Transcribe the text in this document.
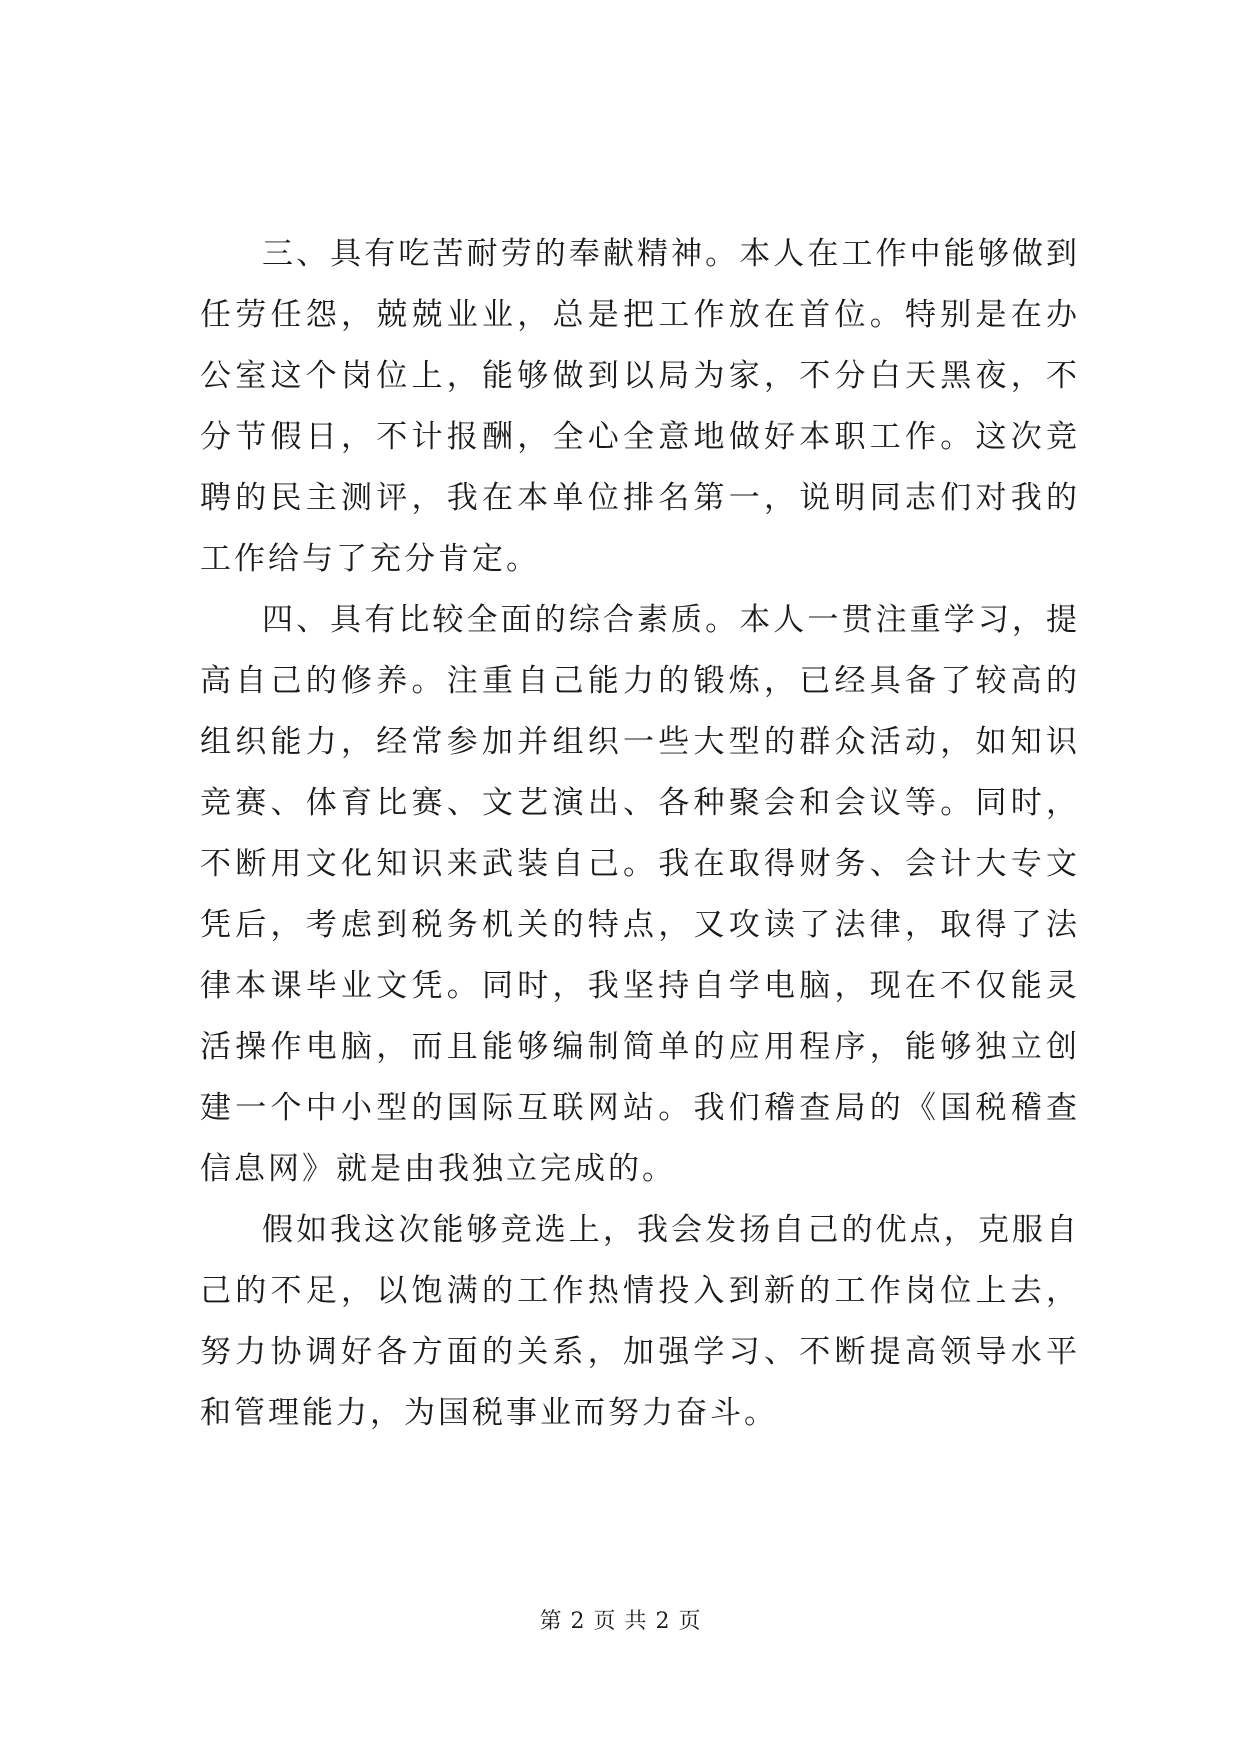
三、具有吃苦耐劳的奉献精神。本人在工作中能够做到任劳任怨，兢兢业业，总是把工作放在首位。特别是在办公室这个岗位上，能够做到以局为家，不分白天黑夜，不分节假日，不计报酬，全心全意地做好本职工作。这次竞聘的民主测评，我在本单位排名第一，说明同志们对我的工作给与了充分肯定。

四、具有比较全面的综合素质。本人一贯注重学习，提高自己的修养。注重自己能力的锻炼，已经具备了较高的组织能力，经常参加并组织一些大型的群众活动，如知识竞赛、体育比赛、文艺演出、各种聚会和会议等。同时，不断用文化知识来武装自己。我在取得财务、会计大专文凭后，考虑到税务机关的特点，又攻读了法律，取得了法律本课毕业文凭。同时，我坚持自学电脑，现在不仅能灵活操作电脑，而且能够编制简单的应用程序，能够独立创建一个中小型的国际互联网站。我们稽查局的《国税稽查信息网》就是由我独立完成的。

假如我这次能够竞选上，我会发扬自己的优点，克服自己的不足，以饱满的工作热情投入到新的工作岗位上去，努力协调好各方面的关系，加强学习、不断提高领导水平和管理能力，为国税事业而努力奋斗。

第 2 页 共 2 页
